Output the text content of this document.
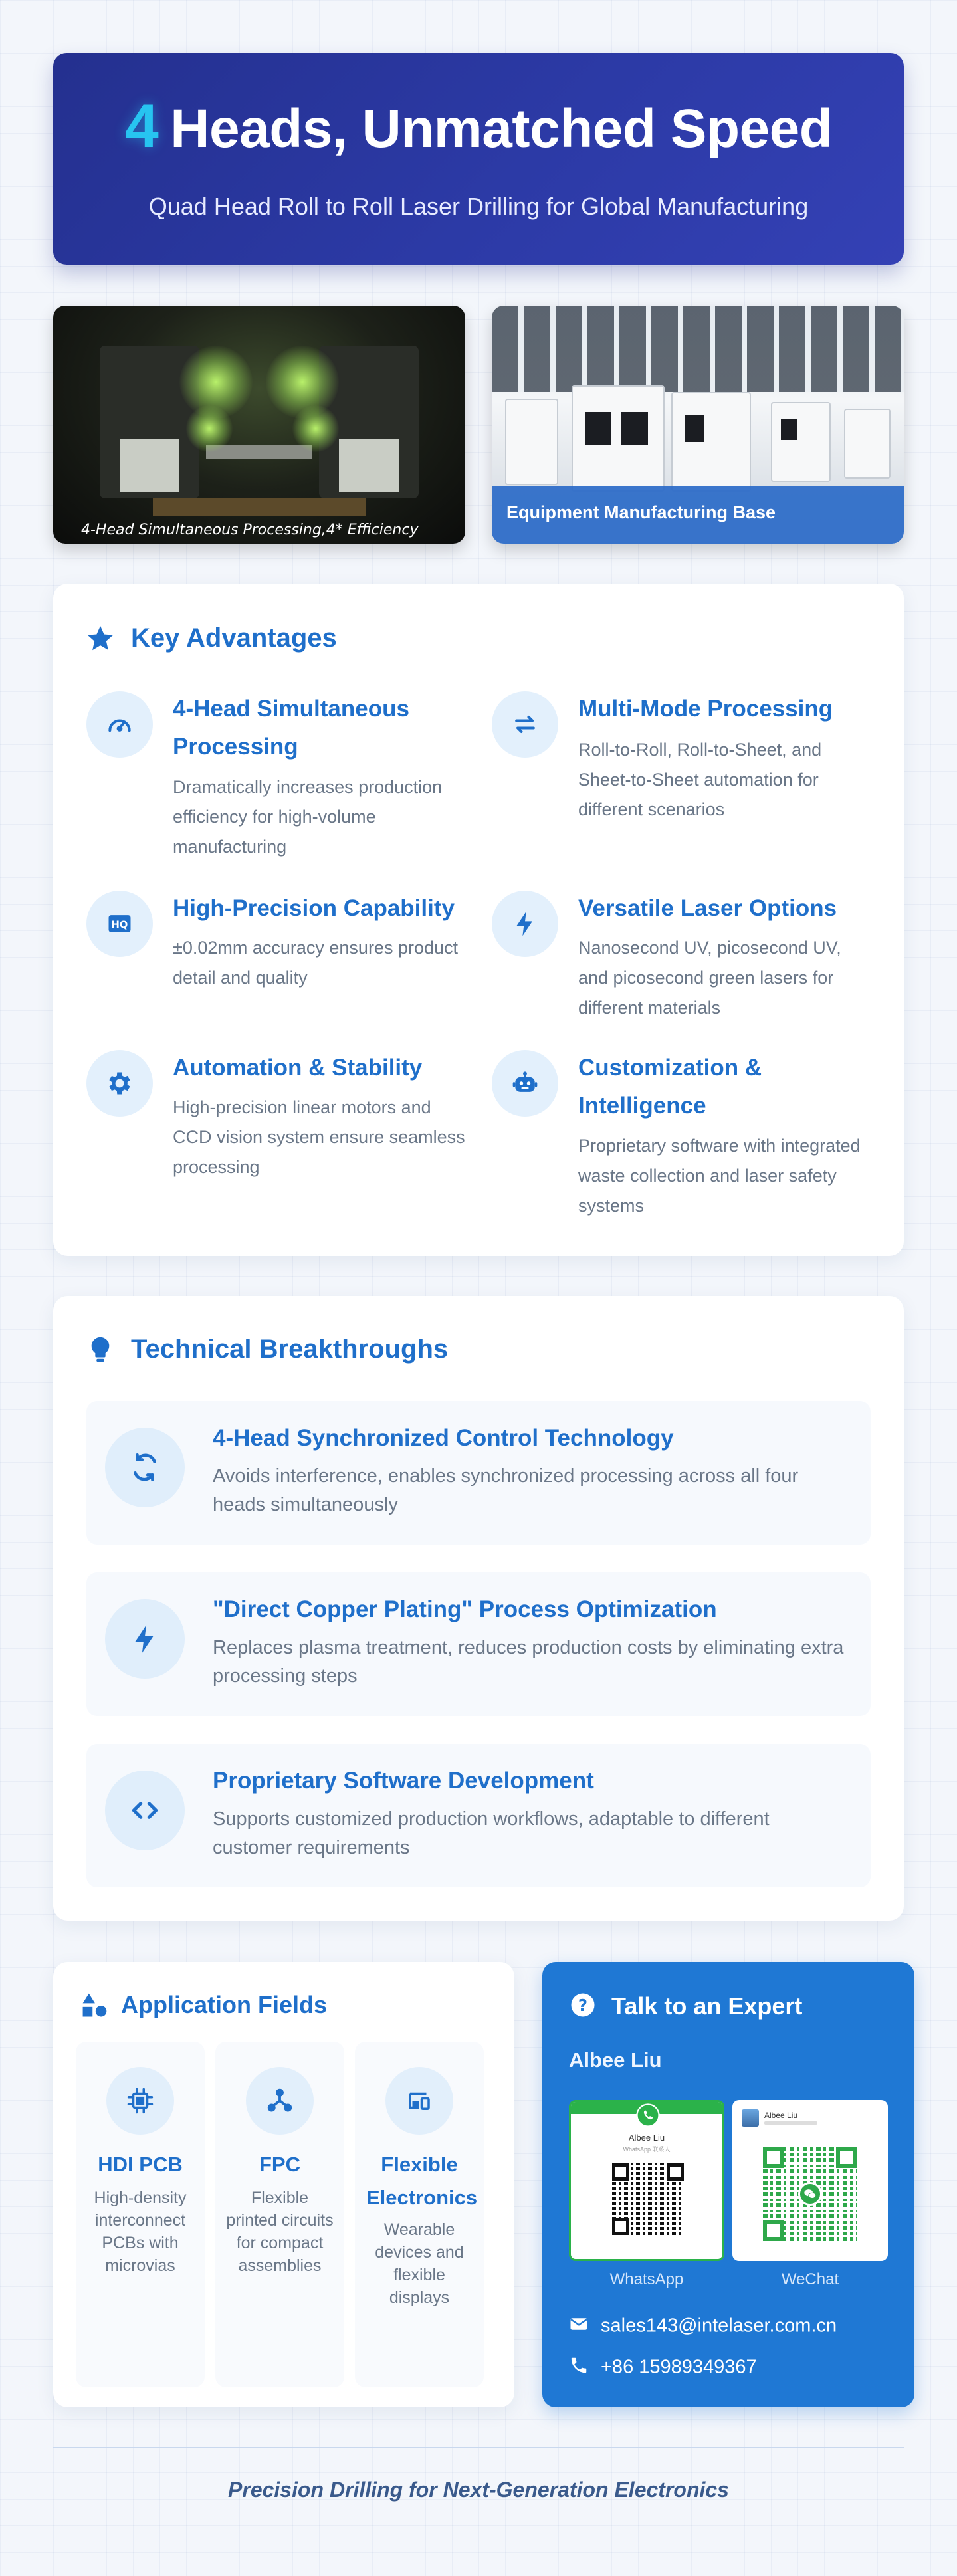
4 Heads, Unmatched Speed

Quad Head Roll to Roll Laser Drilling for Global Manufacturing

4-Head Simultaneous Processing,4* Efficiency
Equipment Manufacturing Base
Key Advantages
4-Head Simultaneous Processing
Dramatically increases production efficiency for high-volume manufacturing
Multi-Mode Processing
Roll-to-Roll, Roll-to-Sheet, and Sheet-to-Sheet automation for different scenarios
HQ
High-Precision Capability
±0.02mm accuracy ensures product detail and quality
Versatile Laser Options
Nanosecond UV, picosecond UV, and picosecond green lasers for different materials
Automation & Stability
High-precision linear motors and CCD vision system ensure seamless processing
Customization & Intelligence
Proprietary software with integrated waste collection and laser safety systems
Technical Breakthroughs
4-Head Synchronized Control Technology
Avoids interference, enables synchronized processing across all four heads simultaneously
"Direct Copper Plating" Process Optimization
Replaces plasma treatment, reduces production costs by eliminating extra processing steps
Proprietary Software Development
Supports customized production workflows, adaptable to different customer requirements
Application Fields
HDI PCB
High-density interconnect PCBs with microvias
FPC
Flexible printed circuits for compact assemblies
Flexible Electronics
Wearable devices and flexible displays
? Talk to an Expert
Albee Liu
Albee Liu
WhatsApp 联系人
WhatsApp
Albee Liu
WeChat
sales143@intelaser.com.cn
+86 15989349367
Precision Drilling for Next-Generation Electronics
